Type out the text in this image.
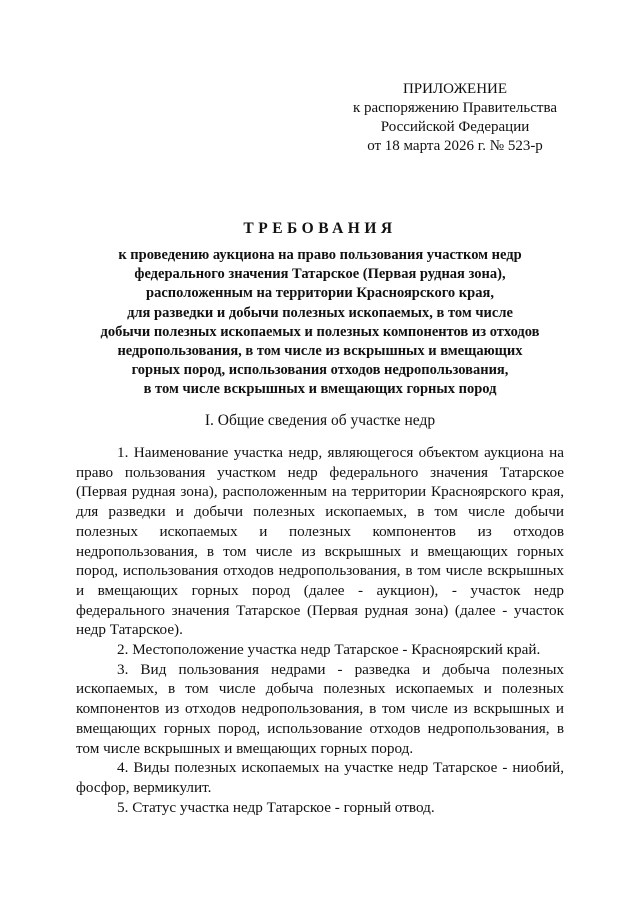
ПРИЛОЖЕНИЕ
к распоряжению Правительства
Российской Федерации
от 18 марта 2026 г. № 523-р
ТРЕБОВАНИЯ
к проведению аукциона на право пользования участком недр
федерального значения Татарское (Первая рудная зона),
расположенным на территории Красноярского края,
для разведки и добычи полезных ископаемых, в том числе
добычи полезных ископаемых и полезных компонентов из отходов
недропользования, в том числе из вскрышных и вмещающих
горных пород, использования отходов недропользования,
в том числе вскрышных и вмещающих горных пород
I. Общие сведения об участке недр

1. Наименование участка недр, являющегося объектом аукциона на право пользования участком недр федерального значения Татарское (Первая рудная зона), расположенным на территории Красноярского края, для разведки и добычи полезных ископаемых, в том числе добычи полезных ископаемых и полезных компонентов из отходов недропользования, в том числе из вскрышных и вмещающих горных пород, использования отходов недропользования, в том числе вскрышных и вмещающих горных пород (далее - аукцион), - участок недр федерального значения Татарское (Первая рудная зона) (далее - участок недр Татарское).

2. Местоположение участка недр Татарское - Красноярский край.

3. Вид пользования недрами - разведка и добыча полезных ископаемых, в том числе добыча полезных ископаемых и полезных компонентов из отходов недропользования, в том числе из вскрышных и вмещающих горных пород, использование отходов недропользования, в том числе вскрышных и вмещающих горных пород.

4. Виды полезных ископаемых на участке недр Татарское - ниобий, фосфор, вермикулит.

5. Статус участка недр Татарское - горный отвод.
